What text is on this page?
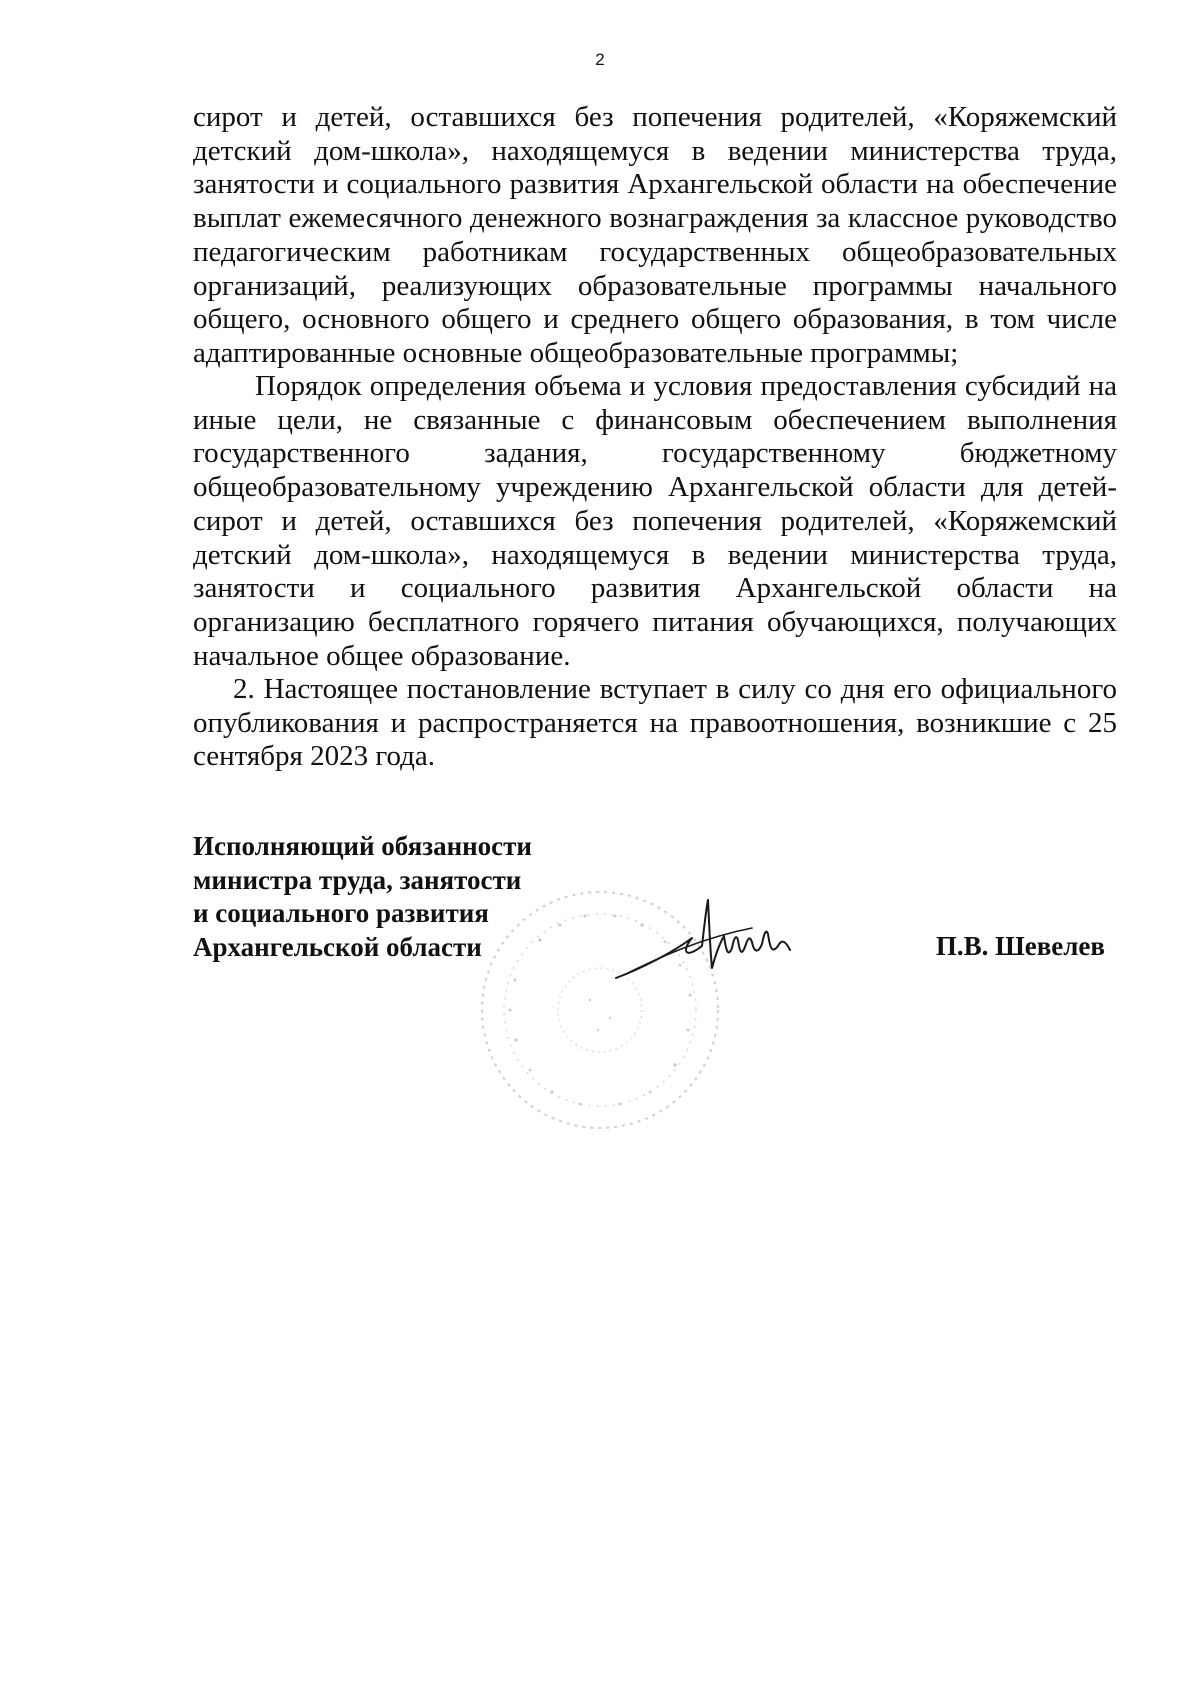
2
сирот и детей, оставшихся без попечения родителей, «Коряжемский детский дом-школа», находящемуся в ведении министерства труда, занятости и социального развития Архангельской области на обеспечение выплат ежемесячного денежного вознаграждения за классное руководство педагогическим работникам государственных общеобразовательных организаций, реализующих образовательные программы начального общего, основного общего и среднего общего образования, в том числе адаптированные основные общеобразовательные программы;
Порядок определения объема и условия предоставления субсидий на иные цели, не связанные с финансовым обеспечением выполнения государственного задания, государственному бюджетному общеобразовательному учреждению Архангельской области для детей-сирот и детей, оставшихся без попечения родителей, «Коряжемский детский дом-школа», находящемуся в ведении министерства труда, занятости и социального развития Архангельской области на организацию бесплатного горячего питания обучающихся, получающих начальное общее образование.
2. Настоящее постановление вступает в силу со дня его официального опубликования и распространяется на правоотношения, возникшие с 25 сентября 2023 года.
Исполняющий обязанности
министра труда, занятости
и социального развития
Архангельской области	П.В. Шевелев
